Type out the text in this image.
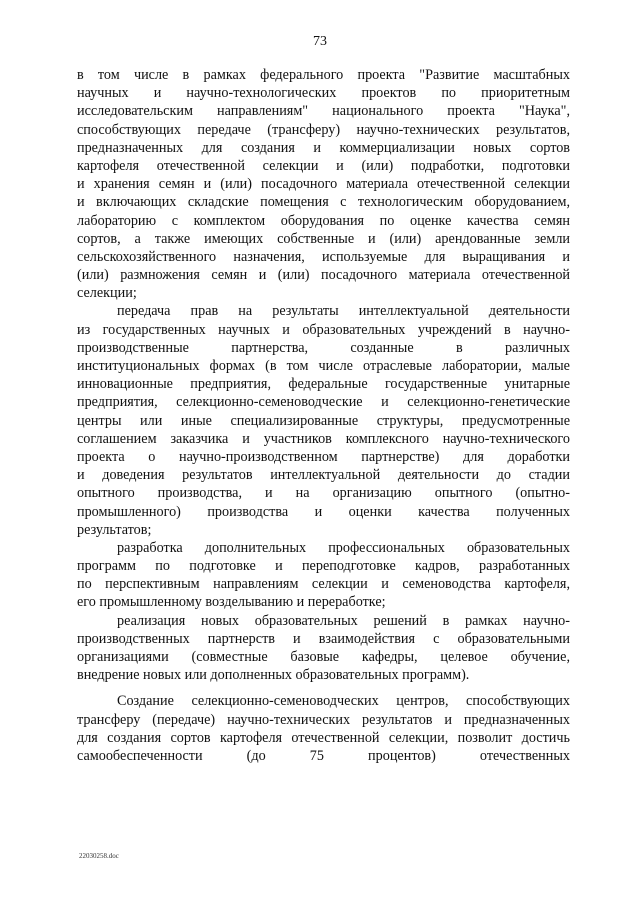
73
в том числе в рамках федерального проекта "Развитие масштабных
научных и научно-технологических проектов по приоритетным
исследовательским направлениям" национального проекта "Наука",
способствующих передаче (трансферу) научно-технических результатов,
предназначенных для создания и коммерциализации новых сортов
картофеля отечественной селекции и (или) подработки, подготовки
и хранения семян и (или) посадочного материала отечественной селекции
и включающих складские помещения с технологическим оборудованием,
лабораторию с комплектом оборудования по оценке качества семян
сортов, а также имеющих собственные и (или) арендованные земли
сельскохозяйственного назначения, используемые для выращивания и
(или) размножения семян и (или) посадочного материала отечественной
селекции;
передача прав на результаты интеллектуальной деятельности
из государственных научных и образовательных учреждений в научно-
производственные партнерства, созданные в различных
институциональных формах (в том числе отраслевые лаборатории, малые
инновационные предприятия, федеральные государственные унитарные
предприятия, селекционно-семеноводческие и селекционно-генетические
центры или иные специализированные структуры, предусмотренные
соглашением заказчика и участников комплексного научно-технического
проекта о научно-производственном партнерстве) для доработки
и доведения результатов интеллектуальной деятельности до стадии
опытного производства, и на организацию опытного (опытно-
промышленного) производства и оценки качества полученных
результатов;
разработка дополнительных профессиональных образовательных
программ по подготовке и переподготовке кадров, разработанных
по перспективным направлениям селекции и семеноводства картофеля,
его промышленному возделыванию и переработке;
реализация новых образовательных решений в рамках научно-
производственных партнерств и взаимодействия с образовательными
организациями (совместные базовые кафедры, целевое обучение,
внедрение новых или дополненных образовательных программ).
Создание селекционно-семеноводческих центров, способствующих
трансферу (передаче) научно-технических результатов и предназначенных
для создания сортов картофеля отечественной селекции, позволит достичь
самообеспеченности (до 75 процентов) отечественных
22030258.doc
